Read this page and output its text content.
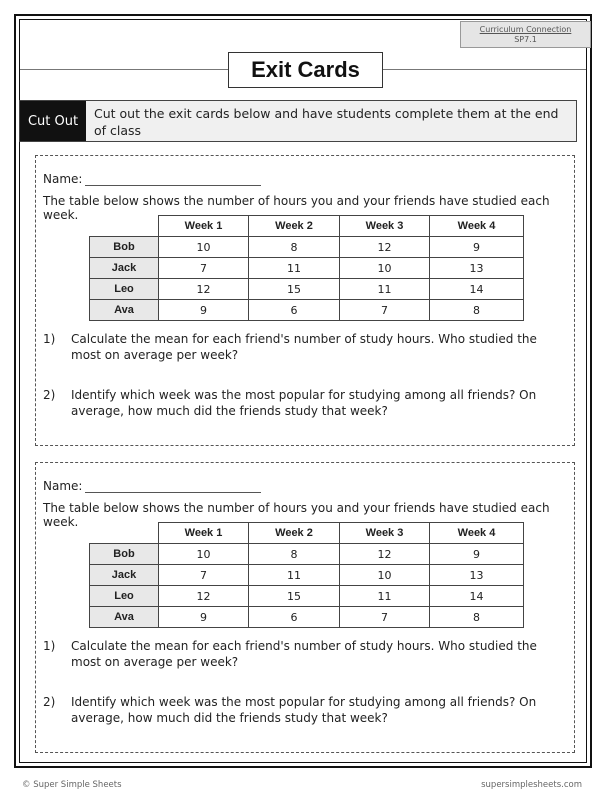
Curriculum Connection
SP7.1
Exit Cards
Cut Out	Cut out the exit cards below and have students complete them at the end of class
Name:
The table below shows the number of hours you and your friends have studied each week.
	Week 1	Week 2	Week 3	Week 4
Bob	10	8	12	9
Jack	7	11	10	13
Leo	12	15	11	14
Ava	9	6	7	8
1)	Calculate the mean for each friend's number of study hours. Who studied the most on average per week?
2)	Identify which week was the most popular for studying among all friends? On average, how much did the friends study that week?
Name:
The table below shows the number of hours you and your friends have studied each week.
	Week 1	Week 2	Week 3	Week 4
Bob	10	8	12	9
Jack	7	11	10	13
Leo	12	15	11	14
Ava	9	6	7	8
1)	Calculate the mean for each friend's number of study hours. Who studied the most on average per week?
2)	Identify which week was the most popular for studying among all friends? On average, how much did the friends study that week?
© Super Simple Sheets	supersimplesheets.com
